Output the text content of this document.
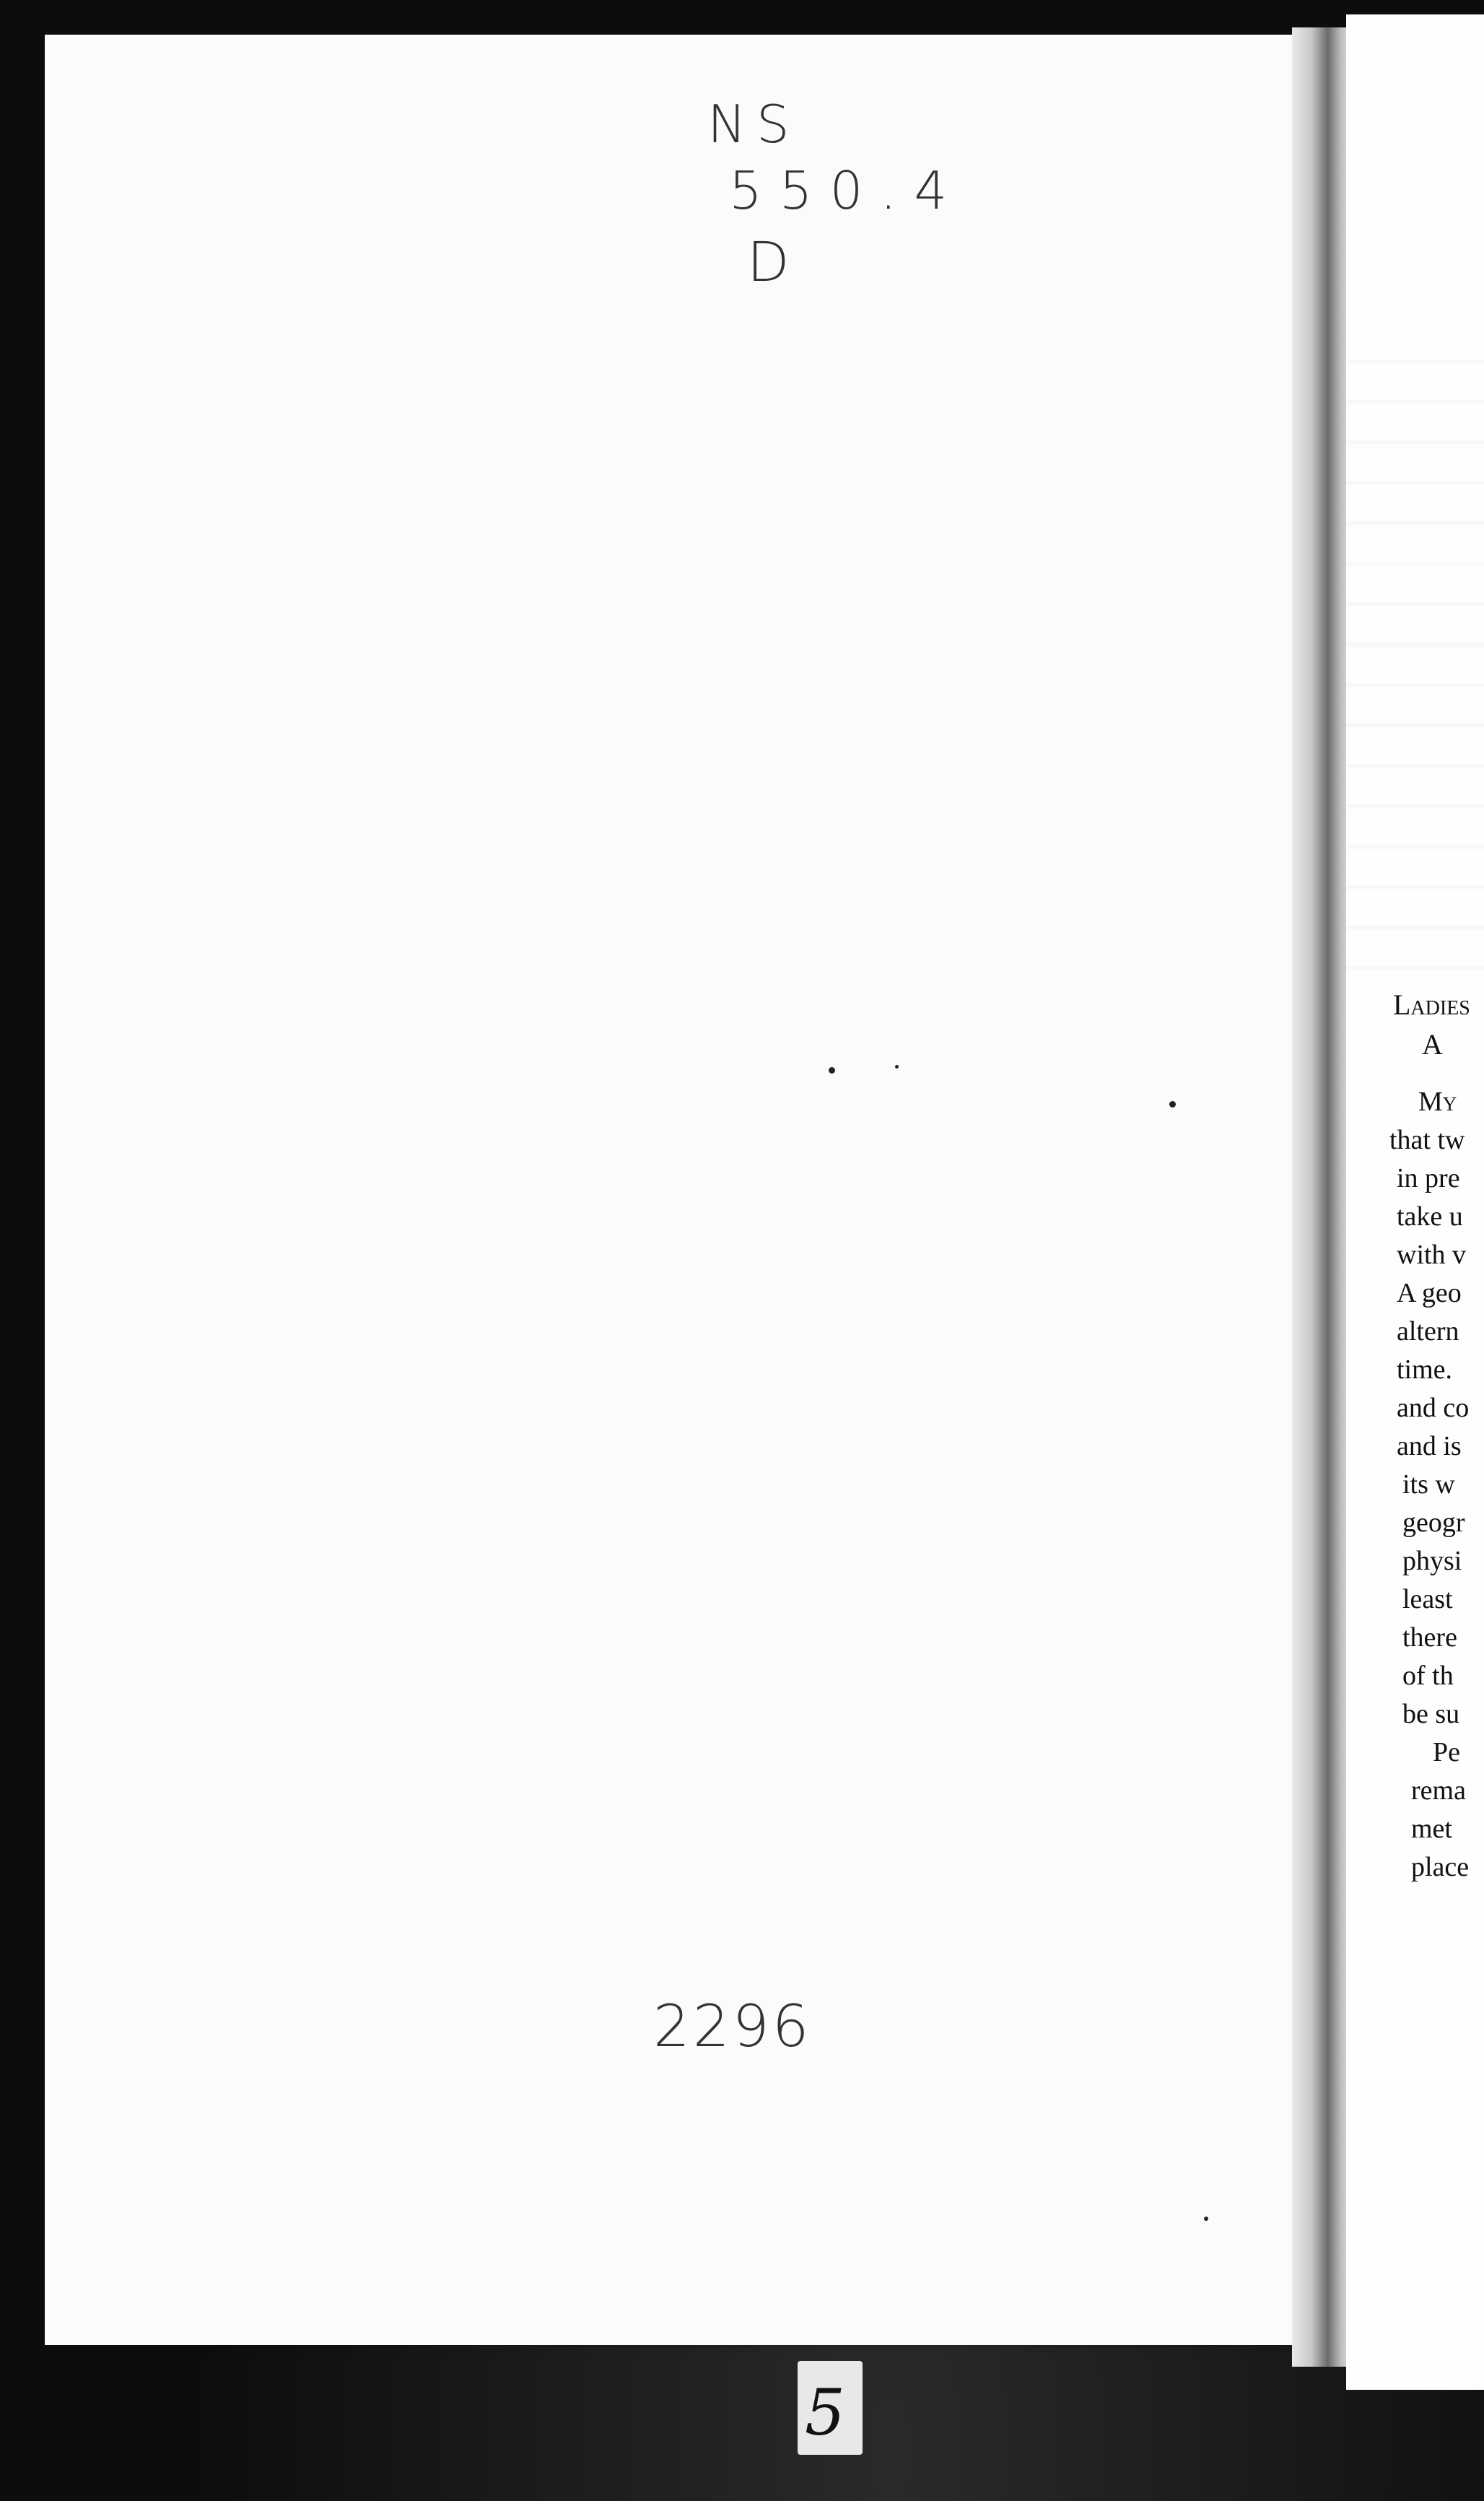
NS
550.4
D
2296
Ladies
A
My
that tw
in pre
take u
with v
A geo
altern
time.
and co
and is
its w
geogr
physi
least
there
of th
be su
Pe
rema
met
place
5
